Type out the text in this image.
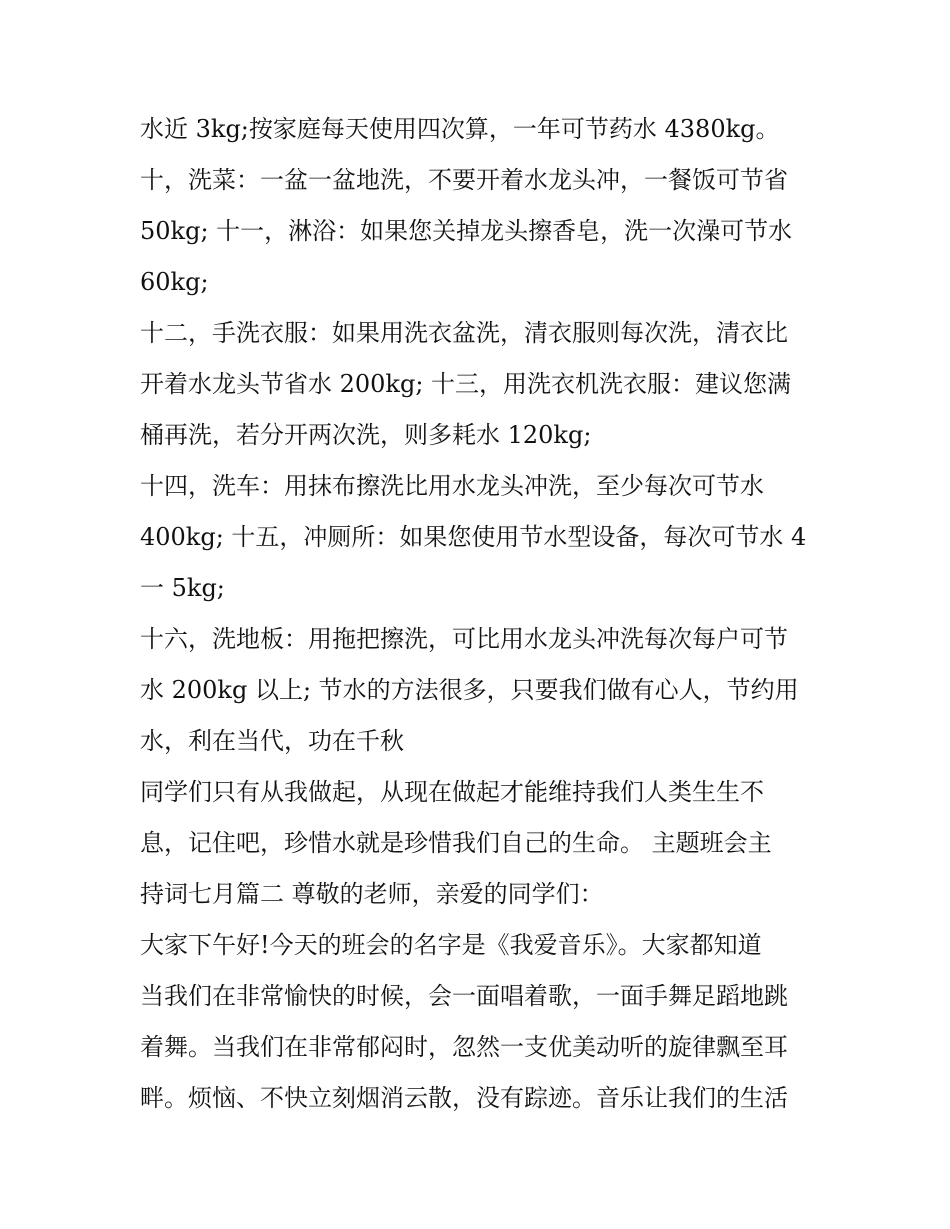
水近 3kg;按家庭每天使用四次算，一年可节药水 4380kg。
十，洗菜：一盆一盆地洗，不要开着水龙头冲，一餐饭可节省
50kg; 十一，淋浴：如果您关掉龙头擦香皂，洗一次澡可节水
60kg;
十二，手洗衣服：如果用洗衣盆洗，清衣服则每次洗，清衣比
开着水龙头节省水 200kg; 十三，用洗衣机洗衣服：建议您满
桶再洗，若分开两次洗，则多耗水 120kg;
十四，洗车：用抹布擦洗比用水龙头冲洗，至少每次可节水
400kg; 十五，冲厕所：如果您使用节水型设备，每次可节水 4
一 5kg;
十六，洗地板：用拖把擦洗，可比用水龙头冲洗每次每户可节
水 200kg 以上; 节水的方法很多，只要我们做有心人，节约用
水，利在当代，功在千秋
同学们只有从我做起，从现在做起才能维持我们人类生生不
息，记住吧，珍惜水就是珍惜我们自己的生命。 主题班会主
持词七月篇二 尊敬的老师，亲爱的同学们：
大家下午好!今天的班会的名字是《我爱音乐》。大家都知道
当我们在非常愉快的时候，会一面唱着歌，一面手舞足蹈地跳
着舞。当我们在非常郁闷时，忽然一支优美动听的旋律飘至耳
畔。烦恼、不快立刻烟消云散，没有踪迹。音乐让我们的生活
